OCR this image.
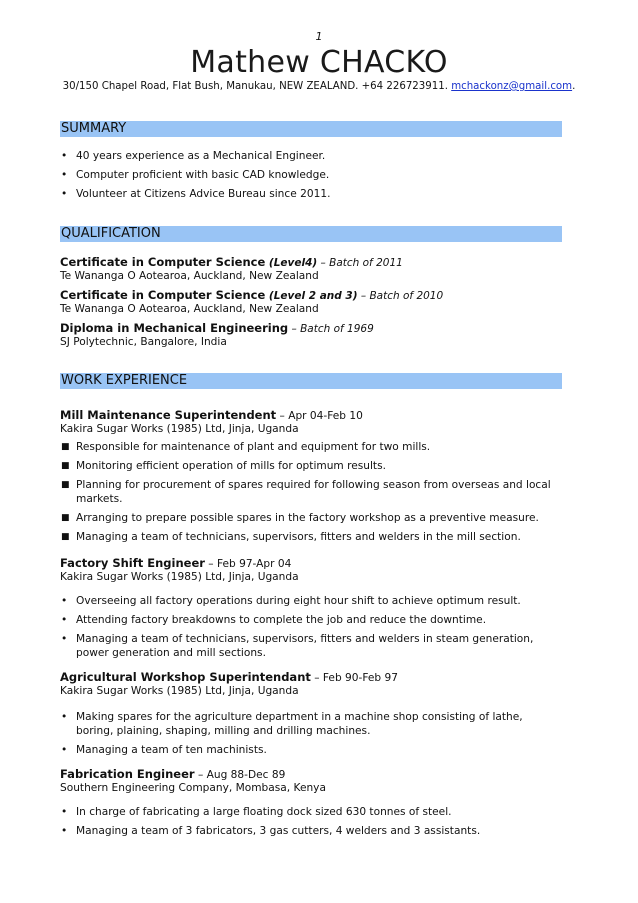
1
Mathew CHACKO
30/150 Chapel Road, Flat Bush, Manukau, NEW ZEALAND. +64 226723911. mchackonz@gmail.com.
SUMMARY
• 40 years experience as a Mechanical Engineer.
• Computer proficient with basic CAD knowledge.
• Volunteer at Citizens Advice Bureau since 2011.
QUALIFICATION
Certificate in Computer Science (Level4) – Batch of 2011
Te Wananga O Aotearoa, Auckland, New Zealand
Certificate in Computer Science (Level 2 and 3) – Batch of 2010
Te Wananga O Aotearoa, Auckland, New Zealand
Diploma in Mechanical Engineering – Batch of 1969
SJ Polytechnic, Bangalore, India
WORK EXPERIENCE
Mill Maintenance Superintendent – Apr 04-Feb 10
Kakira Sugar Works (1985) Ltd, Jinja, Uganda
■ Responsible for maintenance of plant and equipment for two mills.
■ Monitoring efficient operation of mills for optimum results.
■ Planning for procurement of spares required for following season from overseas and local markets.
■ Arranging to prepare possible spares in the factory workshop as a preventive measure.
■ Managing a team of technicians, supervisors, fitters and welders in the mill section.
Factory Shift Engineer – Feb 97-Apr 04
Kakira Sugar Works (1985) Ltd, Jinja, Uganda
• Overseeing all factory operations during eight hour shift to achieve optimum result.
• Attending factory breakdowns to complete the job and reduce the downtime.
• Managing a team of technicians, supervisors, fitters and welders in steam generation, power generation and mill sections.
Agricultural Workshop Superintendant – Feb 90-Feb 97
Kakira Sugar Works (1985) Ltd, Jinja, Uganda
• Making spares for the agriculture department in a machine shop consisting of lathe, boring, plaining, shaping, milling and drilling machines.
• Managing a team of ten machinists.
Fabrication Engineer – Aug 88-Dec 89
Southern Engineering Company, Mombasa, Kenya
• In charge of fabricating a large floating dock sized 630 tonnes of steel.
• Managing a team of 3 fabricators, 3 gas cutters, 4 welders and 3 assistants.
